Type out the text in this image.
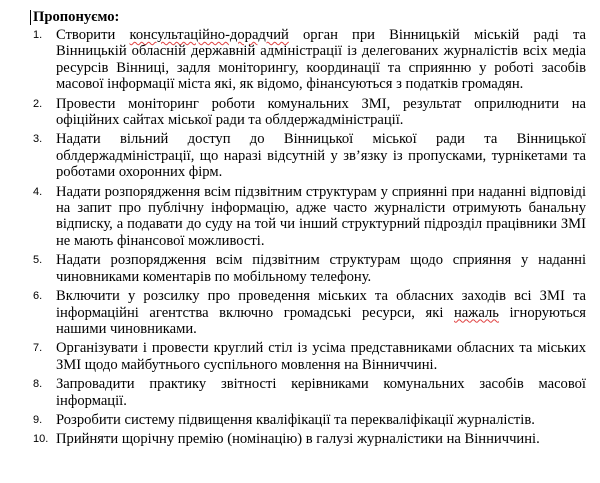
Пропонуємо:
1. Створити консультаційно-дорадчий орган при Вінницькій міській раді та Вінницькій обласній державній адміністрації із делегованих журналістів всіх медіа ресурсів Вінниці, задля моніторингу, координації та сприянню у роботі засобів масової інформації міста які, як відомо, фінансуються з податків громадян.
2. Провести моніторинг роботи комунальних ЗМІ, результат оприлюднити на офіційних сайтах міської ради та облдержадміністрації.
3. Надати вільний доступ до Вінницької міської ради та Вінницької облдержадміністрації, що наразі відсутній у зв’язку із пропусками, турнікетами та роботами охоронних фірм.
4. Надати розпорядження всім підзвітним структурам у сприянні при наданні відповіді на запит про публічну інформацію, адже часто журналісти отримують банальну відписку, а подавати до суду на той чи інший структурний підрозділ працівники ЗМІ не мають фінансової можливості.
5. Надати розпорядження всім підзвітним структурам щодо сприяння у наданні чиновниками коментарів по мобільному телефону.
6. Включити у розсилку про проведення міських та обласних заходів всі ЗМІ та інформаційні агентства включно громадські ресурси, які нажаль ігноруються нашими чиновниками.
7. Організувати і провести круглий стіл із усіма представниками обласних та міських ЗМІ щодо майбутнього суспільного мовлення на Вінниччині.
8. Запровадити практику звітності керівниками комунальних засобів масової інформації.
9. Розробити систему підвищення кваліфікації та перекваліфікації журналістів.
10. Прийняти щорічну премію (номінацію) в галузі журналістики на Вінниччині.
